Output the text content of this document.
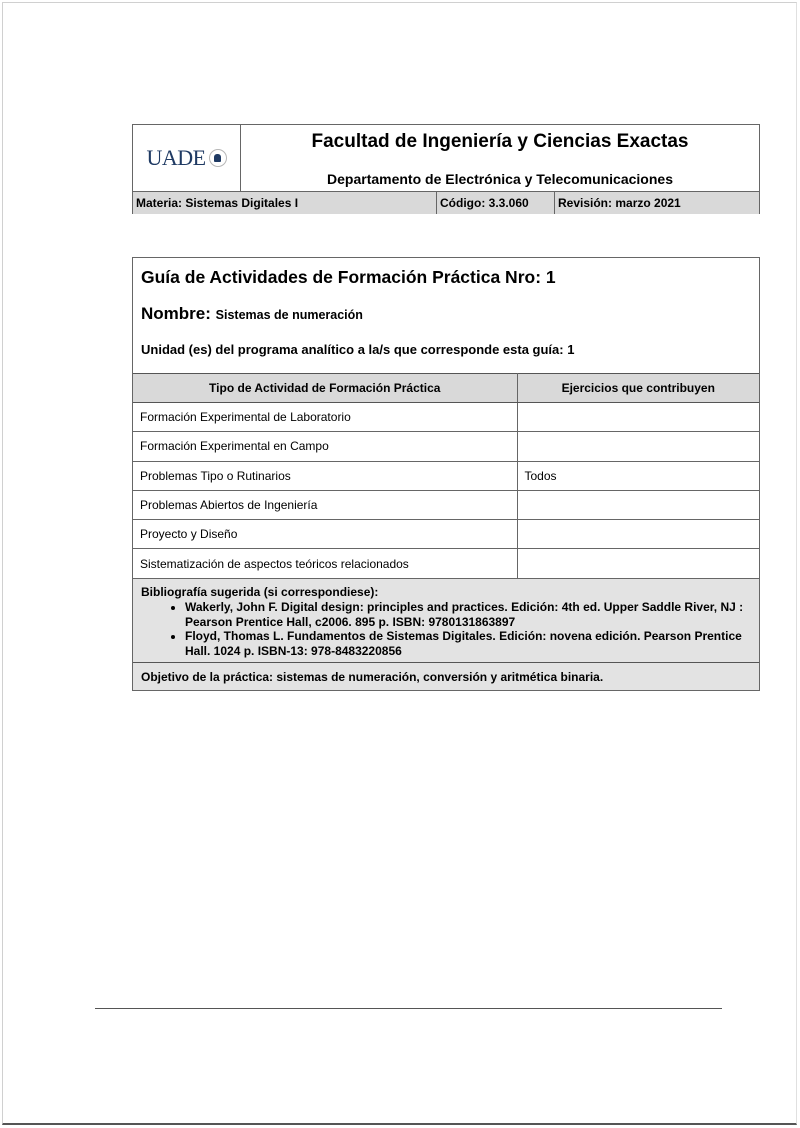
UADE
Facultad de Ingeniería y Ciencias Exactas
Departamento de Electrónica y Telecomunicaciones
Materia: Sistemas Digitales I	Código: 3.3.060	Revisión: marzo 2021
Guía de Actividades de Formación Práctica Nro: 1
Nombre: Sistemas de numeración
Unidad (es) del programa analítico a la/s que corresponde esta guía: 1
Tipo de Actividad de Formación Práctica	Ejercicios que contribuyen
Formación Experimental de Laboratorio	
Formación Experimental en Campo	
Problemas Tipo o Rutinarios	Todos
Problemas Abiertos de Ingeniería	
Proyecto y Diseño	
Sistematización de aspectos teóricos relacionados	
Bibliografía sugerida (si correspondiese):
• Wakerly, John F. Digital design: principles and practices. Edición: 4th ed. Upper Saddle River, NJ : Pearson Prentice Hall, c2006. 895 p. ISBN: 9780131863897
• Floyd, Thomas L. Fundamentos de Sistemas Digitales. Edición: novena edición. Pearson Prentice Hall. 1024 p. ISBN-13: 978-8483220856
Objetivo de la práctica: sistemas de numeración, conversión y aritmética binaria.
